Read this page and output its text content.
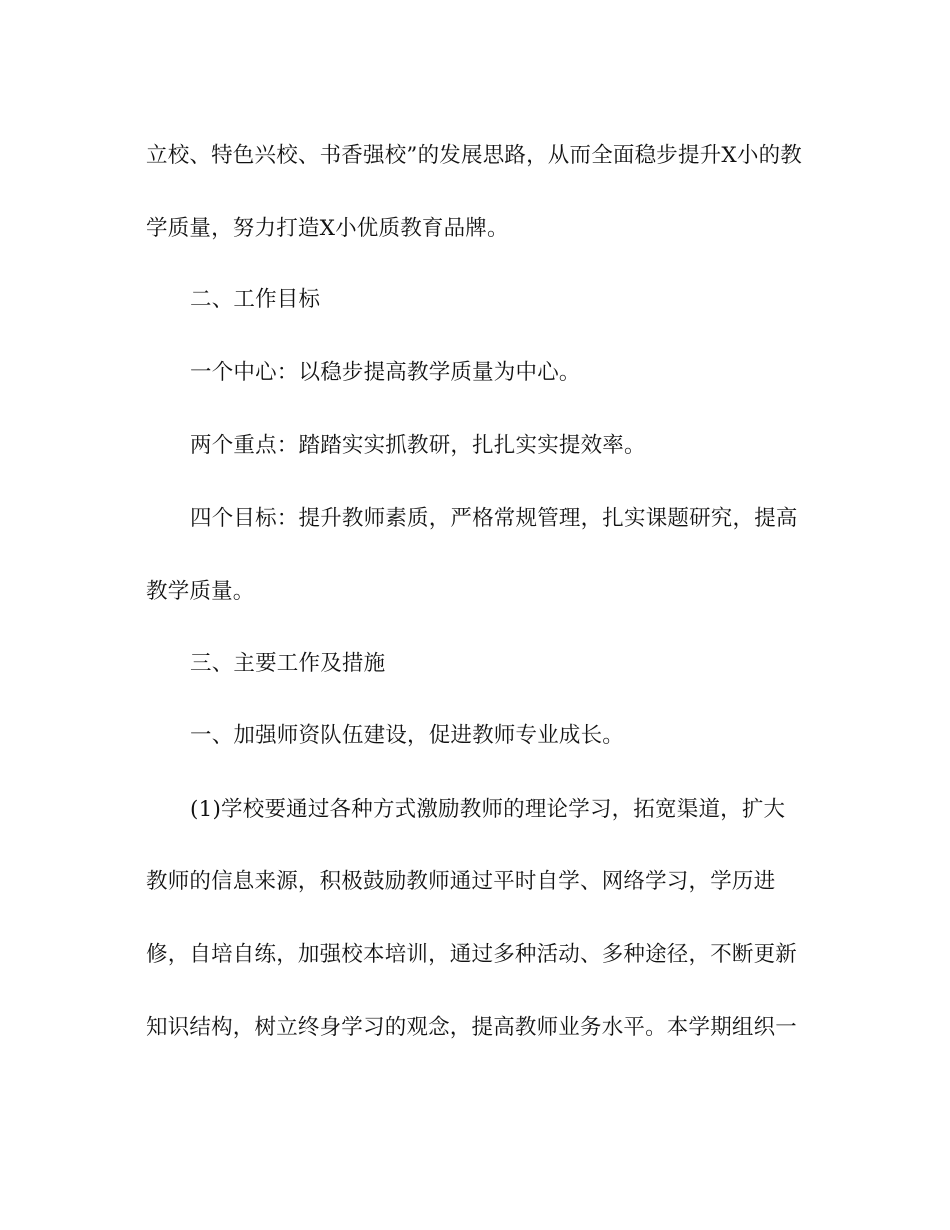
立校、特色兴校、书香强校”的发展思路，从而全面稳步提升X小的教
学质量，努力打造X小优质教育品牌。
二、工作目标
一个中心：以稳步提高教学质量为中心。
两个重点：踏踏实实抓教研，扎扎实实提效率。
四个目标：提升教师素质，严格常规管理，扎实课题研究，提高
教学质量。
三、主要工作及措施
一、加强师资队伍建设，促进教师专业成长。
(1)学校要通过各种方式激励教师的理论学习，拓宽渠道，扩大
教师的信息来源，积极鼓励教师通过平时自学、网络学习，学历进
修，自培自练，加强校本培训，通过多种活动、多种途径，不断更新
知识结构，树立终身学习的观念，提高教师业务水平。本学期组织一
